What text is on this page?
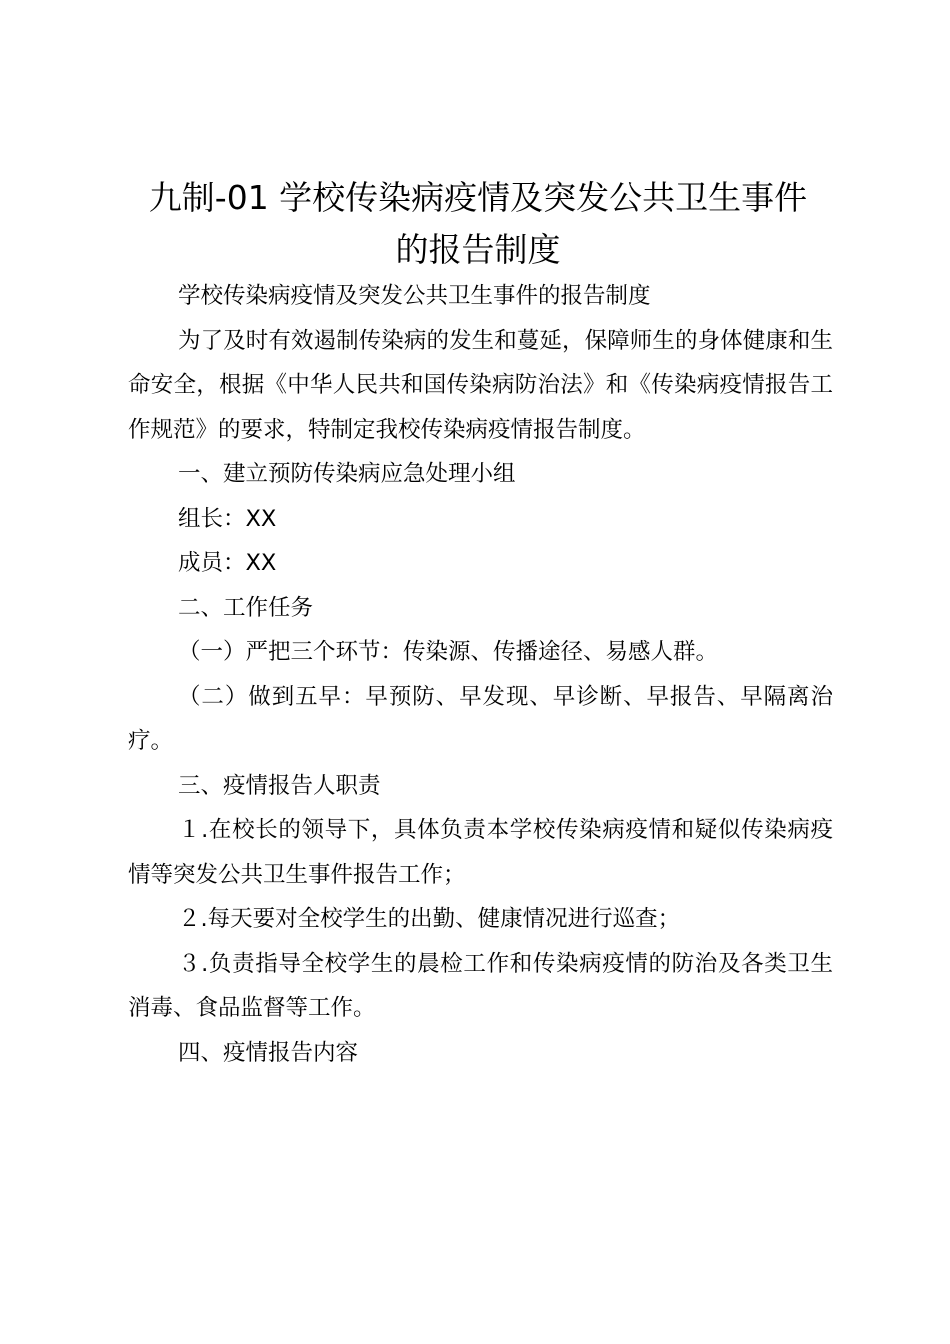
九制-01 学校传染病疫情及突发公共卫生事件
的报告制度

学校传染病疫情及突发公共卫生事件的报告制度

为了及时有效遏制传染病的发生和蔓延，保障师生的身体健康和生命安全，根据《中华人民共和国传染病防治法》和《传染病疫情报告工作规范》的要求，特制定我校传染病疫情报告制度。

一、建立预防传染病应急处理小组

组长：XX

成员：XX

二、工作任务

（一）严把三个环节：传染源、传播途径、易感人群。

（二）做到五早：早预防、早发现、早诊断、早报告、早隔离治疗。

三、疫情报告人职责

１.在校长的领导下，具体负责本学校传染病疫情和疑似传染病疫情等突发公共卫生事件报告工作；

２.每天要对全校学生的出勤、健康情况进行巡查；

３.负责指导全校学生的晨检工作和传染病疫情的防治及各类卫生消毒、食品监督等工作。

四、疫情报告内容
